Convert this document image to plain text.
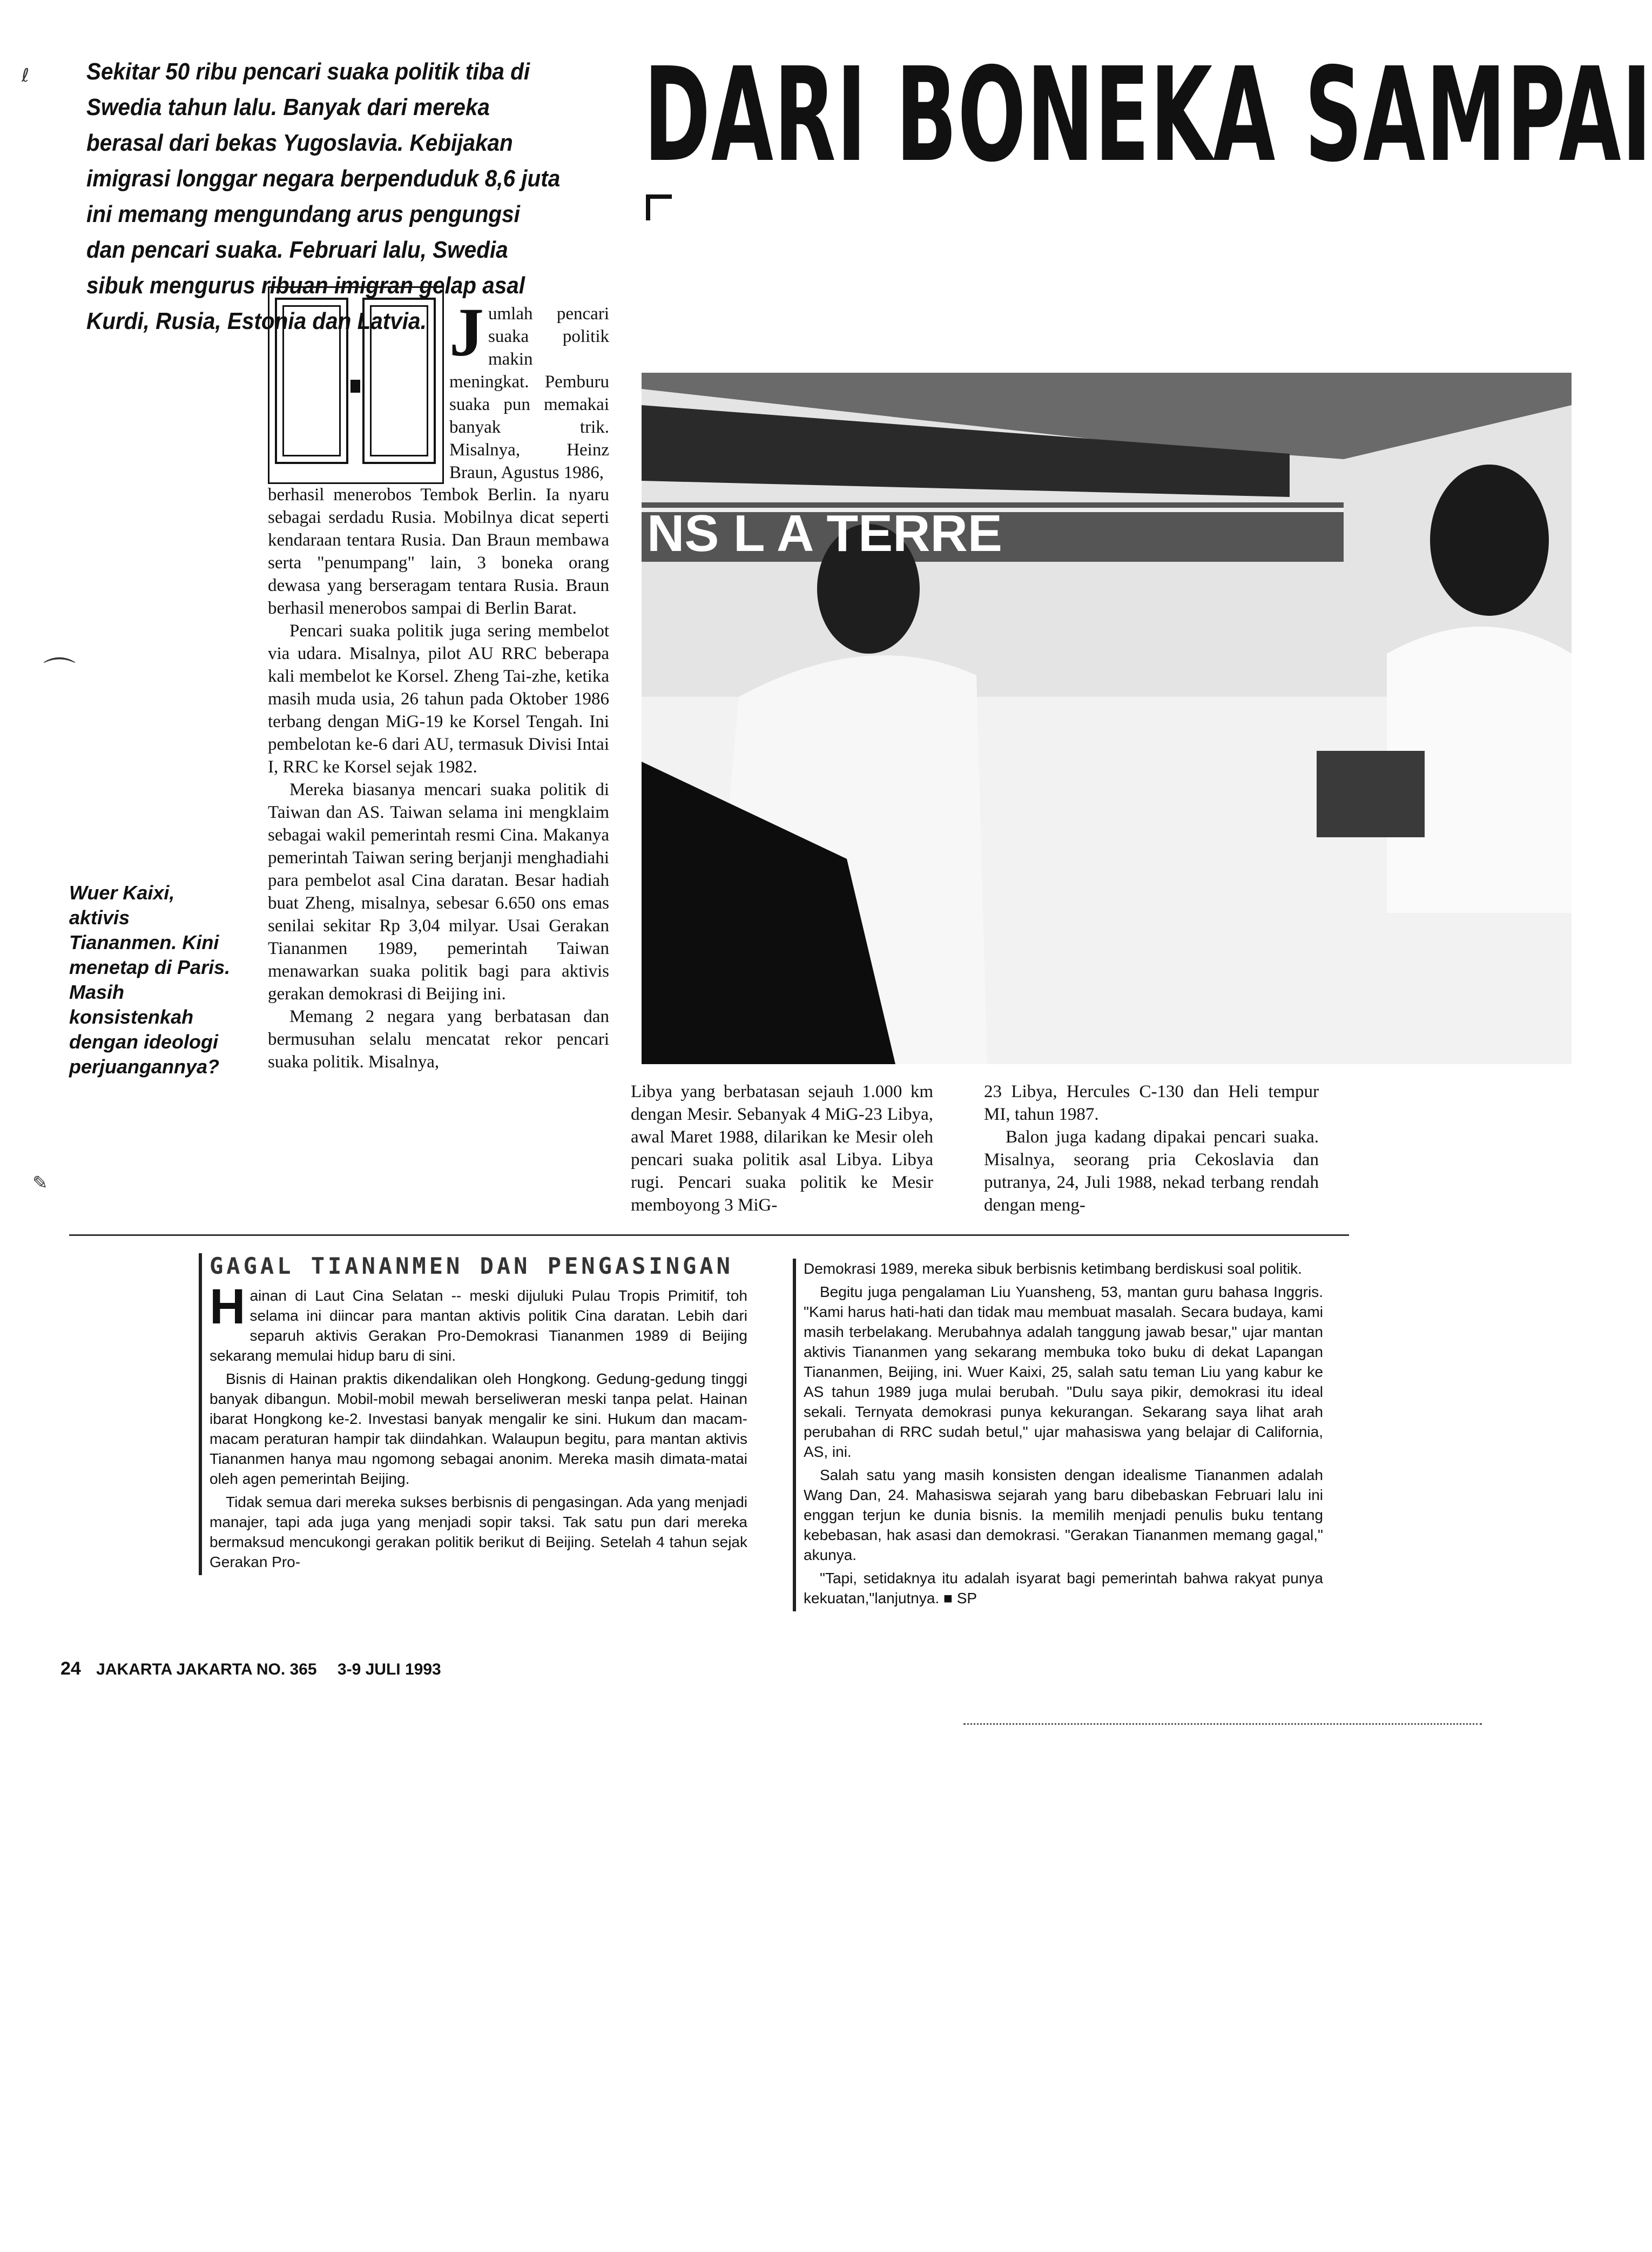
Sekitar 50 ribu pencari suaka politik tiba di Swedia tahun lalu. Banyak dari mereka berasal dari bekas Yugoslavia. Kebijakan imigrasi longgar negara berpenduduk 8,6 juta ini memang mengundang arus pengungsi dan pencari suaka. Februari lalu, Swedia sibuk mengurus ribuan imigran gelap asal Kurdi, Rusia, Estonia dan Latvia.
DARI BONEKA SAMPAI

Jumlah pencari suaka politik makin meningkat. Pemburu suaka pun memakai banyak trik. Misalnya, Heinz Braun, Agustus 1986,

berhasil menerobos Tembok Berlin. Ia nyaru sebagai serdadu Rusia. Mobilnya dicat seperti kendaraan tentara Rusia. Dan Braun membawa serta "penumpang" lain, 3 boneka orang dewasa yang berseragam tentara Rusia. Braun berhasil menerobos sampai di Berlin Barat.

Pencari suaka politik juga sering membelot via udara. Misalnya, pilot AU RRC beberapa kali membelot ke Korsel. Zheng Tai-zhe, ketika masih muda usia, 26 tahun pada Oktober 1986 terbang dengan MiG-19 ke Korsel Tengah. Ini pembelotan ke-6 dari AU, termasuk Divisi Intai I, RRC ke Korsel sejak 1982.

Mereka biasanya mencari suaka politik di Taiwan dan AS. Taiwan selama ini mengklaim sebagai wakil pemerintah resmi Cina. Makanya pemerintah Taiwan sering berjanji menghadiahi para pembelot asal Cina daratan. Besar hadiah buat Zheng, misalnya, sebesar 6.650 ons emas senilai sekitar Rp 3,04 milyar. Usai Gerakan Tiananmen 1989, pemerintah Taiwan menawarkan suaka politik bagi para aktivis gerakan demokrasi di Beijing ini.

Memang 2 negara yang berbatasan dan bermusuhan selalu mencatat rekor pencari suaka politik. Misalnya,

NS L A TERRE
Wuer Kaixi, aktivis Tiananmen. Kini menetap di Paris. Masih konsistenkah dengan ideologi perjuangannya?

Libya yang berbatasan sejauh 1.000 km dengan Mesir. Sebanyak 4 MiG-23 Libya, awal Maret 1988, dilarikan ke Mesir oleh pencari suaka politik asal Libya. Libya rugi. Pencari suaka politik ke Mesir memboyong 3 MiG-

23 Libya, Hercules C-130 dan Heli tempur MI, tahun 1987.

Balon juga kadang dipakai pencari suaka. Misalnya, seorang pria Cekoslavia dan putranya, 24, Juli 1988, nekad terbang rendah dengan meng-

GAGAL TIANANMEN DAN PENGASINGAN

Hainan di Laut Cina Selatan -- meski dijuluki Pulau Tropis Primitif, toh selama ini diincar para mantan aktivis politik Cina daratan. Lebih dari separuh aktivis Gerakan Pro-Demokrasi Tiananmen 1989 di Beijing sekarang memulai hidup baru di sini.

Bisnis di Hainan praktis dikendalikan oleh Hongkong. Gedung-gedung tinggi banyak dibangun. Mobil-mobil mewah berseliweran meski tanpa pelat. Hainan ibarat Hongkong ke-2. Investasi banyak mengalir ke sini. Hukum dan macam-macam peraturan hampir tak diindahkan. Walaupun begitu, para mantan aktivis Tiananmen hanya mau ngomong sebagai anonim. Mereka masih dimata-matai oleh agen pemerintah Beijing.

Tidak semua dari mereka sukses berbisnis di pengasingan. Ada yang menjadi manajer, tapi ada juga yang menjadi sopir taksi. Tak satu pun dari mereka bermaksud mencukongi gerakan politik berikut di Beijing. Setelah 4 tahun sejak Gerakan Pro-

Demokrasi 1989, mereka sibuk berbisnis ketimbang berdiskusi soal politik.

Begitu juga pengalaman Liu Yuansheng, 53, mantan guru bahasa Inggris. "Kami harus hati-hati dan tidak mau membuat masalah. Secara budaya, kami masih terbelakang. Merubahnya adalah tanggung jawab besar," ujar mantan aktivis Tiananmen yang sekarang membuka toko buku di dekat Lapangan Tiananmen, Beijing, ini. Wuer Kaixi, 25, salah satu teman Liu yang kabur ke AS tahun 1989 juga mulai berubah. "Dulu saya pikir, demokrasi itu ideal sekali. Ternyata demokrasi punya kekurangan. Sekarang saya lihat arah perubahan di RRC sudah betul," ujar mahasiswa yang belajar di California, AS, ini.

Salah satu yang masih konsisten dengan idealisme Tiananmen adalah Wang Dan, 24. Mahasiswa sejarah yang baru dibebaskan Februari lalu ini enggan terjun ke dunia bisnis. Ia memilih menjadi penulis buku tentang kebebasan, hak asasi dan demokrasi. "Gerakan Tiananmen memang gagal," akunya.

"Tapi, setidaknya itu adalah isyarat bagi pemerintah bahwa rakyat punya kekuatan,"lanjutnya. ■ SP

24 JAKARTA JAKARTA NO. 365 3-9 JULI 1993
ℓ
⌒
✎
